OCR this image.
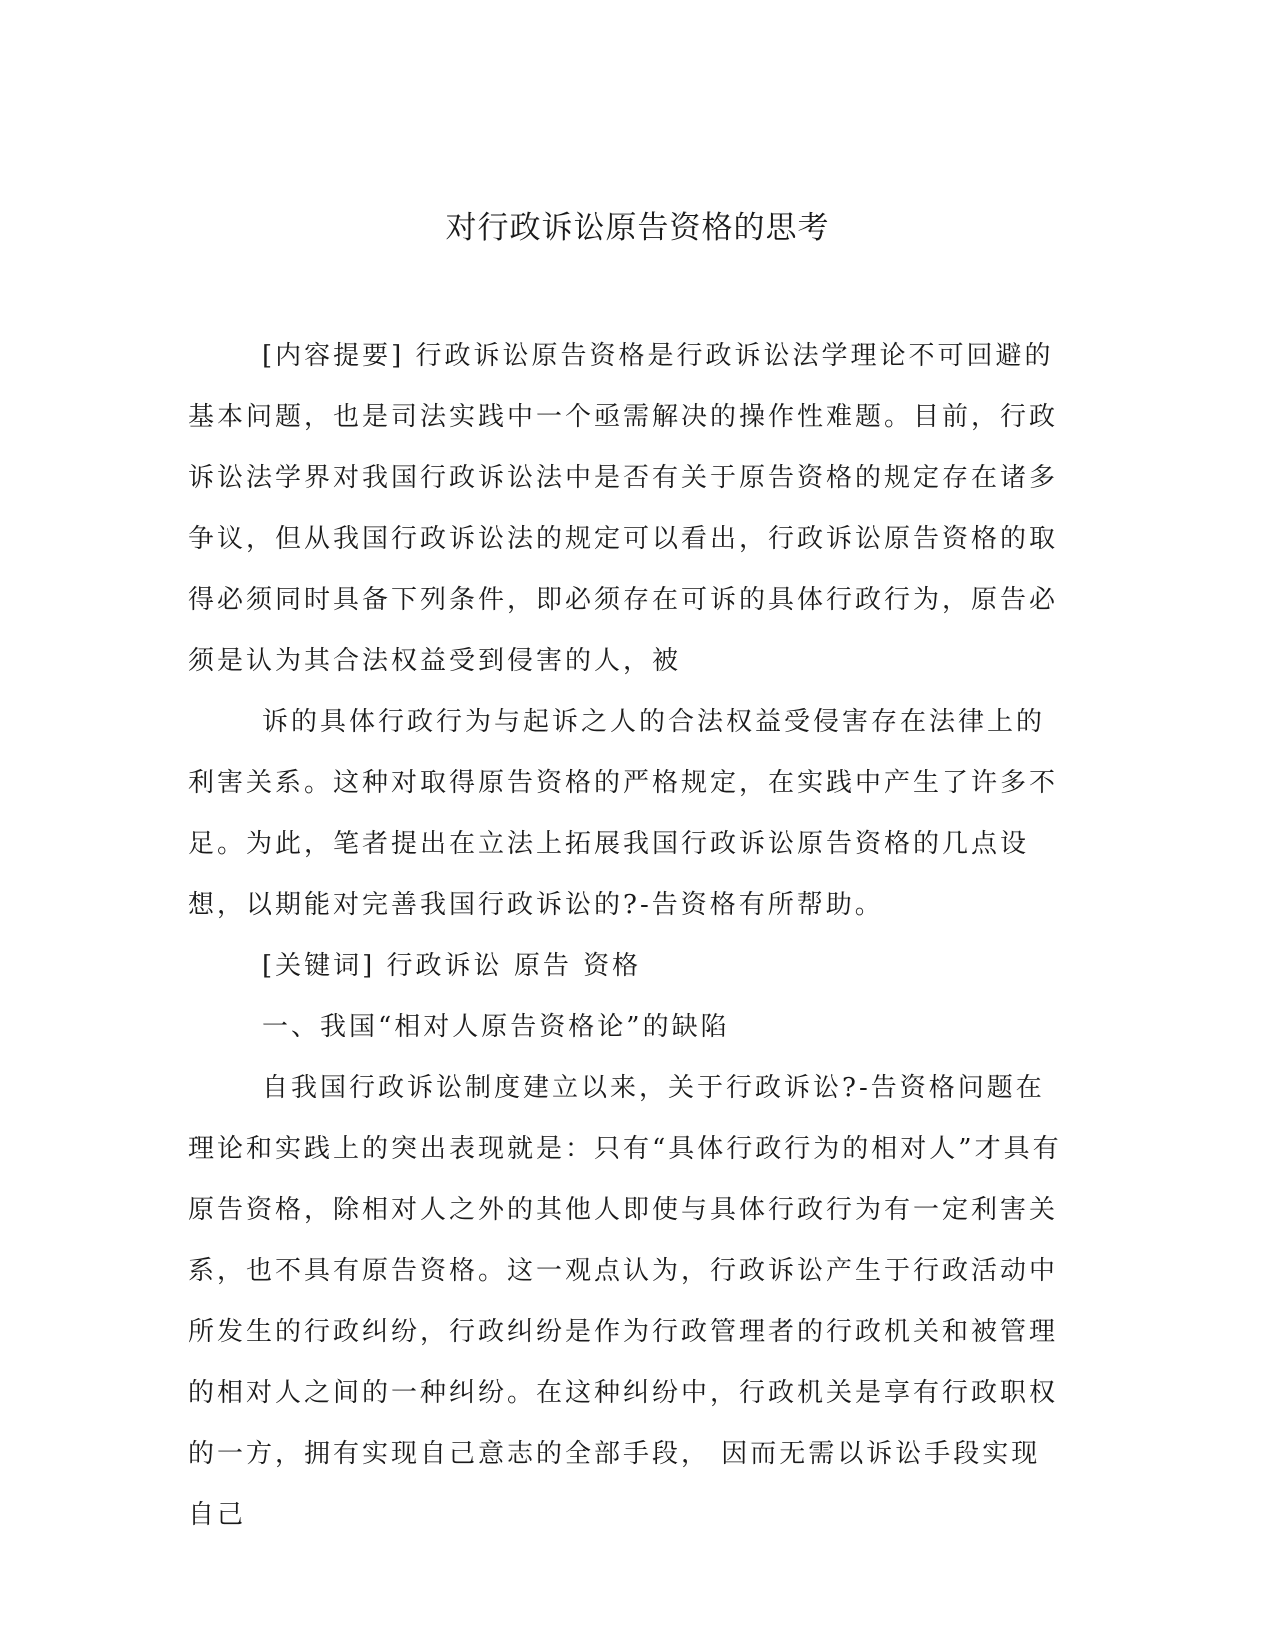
对行政诉讼原告资格的思考

[内容提要] 行政诉讼原告资格是行政诉讼法学理论不可回避的基本问题，也是司法实践中一个亟需解决的操作性难题。目前，行政诉讼法学界对我国行政诉讼法中是否有关于原告资格的规定存在诸多争议，但从我国行政诉讼法的规定可以看出，行政诉讼原告资格的取得必须同时具备下列条件，即必须存在可诉的具体行政行为，原告必须是认为其合法权益受到侵害的人，被

诉的具体行政行为与起诉之人的合法权益受侵害存在法律上的利害关系。这种对取得原告资格的严格规定，在实践中产生了许多不足。为此，笔者提出在立法上拓展我国行政诉讼原告资格的几点设想，以期能对完善我国行政诉讼的?-告资格有所帮助。

[关键词] 行政诉讼 原告 资格

一、我国“相对人原告资格论”的缺陷

自我国行政诉讼制度建立以来，关于行政诉讼?-告资格问题在理论和实践上的突出表现就是：只有“具体行政行为的相对人”才具有原告资格，除相对人之外的其他人即使与具体行政行为有一定利害关系，也不具有原告资格。这一观点认为，行政诉讼产生于行政活动中所发生的行政纠纷，行政纠纷是作为行政管理者的行政机关和被管理的相对人之间的一种纠纷。在这种纠纷中，行政机关是享有行政职权的一方，拥有实现自己意志的全部手段， 因而无需以诉讼手段实现自己
